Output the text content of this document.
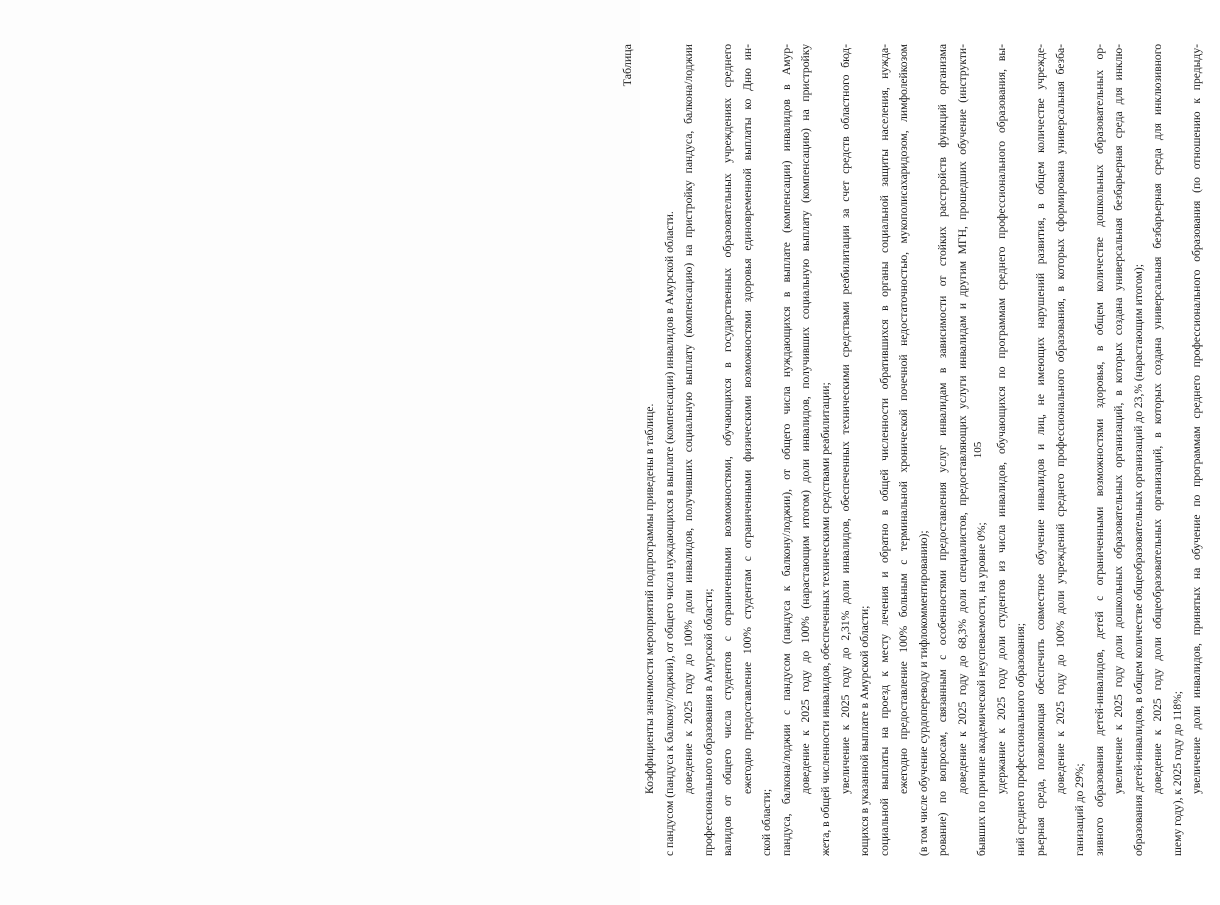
Таблица
Коэффициенты значимости мероприятий подпрограммы приведены в таблице. с пандусом (пандуса к балкону/лоджии), от общего числа нуждающихся в выплате (компенсации) инвалидов в Амурской области. доведение к 2025 году до 100% доли инвалидов, получивших социальную выплату (компенсацию) на пристройку пандуса, балкона/лоджии профессионального образования в Амурской области; валидов от общего числа студентов с ограниченными возможностями, обучающихся в государственных образовательных учреждениях среднего ежегодно предоставление 100% студентам с ограниченными физическими возможностями здоровья единовременной выплаты ко Дню ин-
ской области; пандуса, балкона/лоджии с пандусом (пандуса к балкону/лоджии), от общего числа нуждающихся в выплате (компенсации) инвалидов в Амур- доведение к 2025 году до 100% (нарастающим итогом) доли инвалидов, получивших социальную выплату (компенсацию) на пристройку жета, в общей численности инвалидов, обеспеченных техническими средствами реабилитации; увеличение к 2025 году до 2,31% доли инвалидов, обеспеченных техническими средствами реабилитации за счет средств областного бюд- ющихся в указанной выплате в Амурской области; социальной выплаты на проезд к месту лечения и обратно в общей численности обратившихся в органы социальной защиты населения, нужда- ежегодно предоставление 100% больным с терминальной хронической почечной недостаточностью, мукополисахаридозом, лимфолейкозом (в том числе обучение сурдопереводу и тифлокомментированию); рование) по вопросам, связанным с особенностями предоставления услуг инвалидам в зависимости от стойких расстройств функций организма доведение к 2025 году до 68,3% доли специалистов, предоставляющих услуги инвалидам и другим МГН, прошедших обучение (инструкти- бывших по причине академической неуспеваемости, на уровне 0%; удержание к 2025 году доли студентов из числа инвалидов, обучающихся по программам среднего профессионального образования, вы- ний среднего профессионального образования; рьерная среда, позволяющая обеспечить совместное обучение инвалидов и лиц, не имеющих нарушений развития, в общем количестве учрежде- доведение к 2025 году до 100% доли учреждений среднего профессионального образования, в которых сформирована универсальная безба-
ганизаций до 29%; зивного образования детей-инвалидов, детей с ограниченными возможностями здоровья, в общем количестве дошкольных образовательных ор- увеличение к 2025 году доли дошкольных образовательных организаций, в которых создана универсальная безбарьерная среда для инклю- образования детей-инвалидов, в общем количестве общеобразовательных организаций до 23,% (нарастающим итогом); доведение к 2025 году доли общеобразовательных организаций, в которых создана универсальная безбарьерная среда для инклюзивного шему году), к 2025 году до 118%; увеличение доли инвалидов, принятых на обучение по программам среднего профессионального образования (по отношению к предыду-
105
